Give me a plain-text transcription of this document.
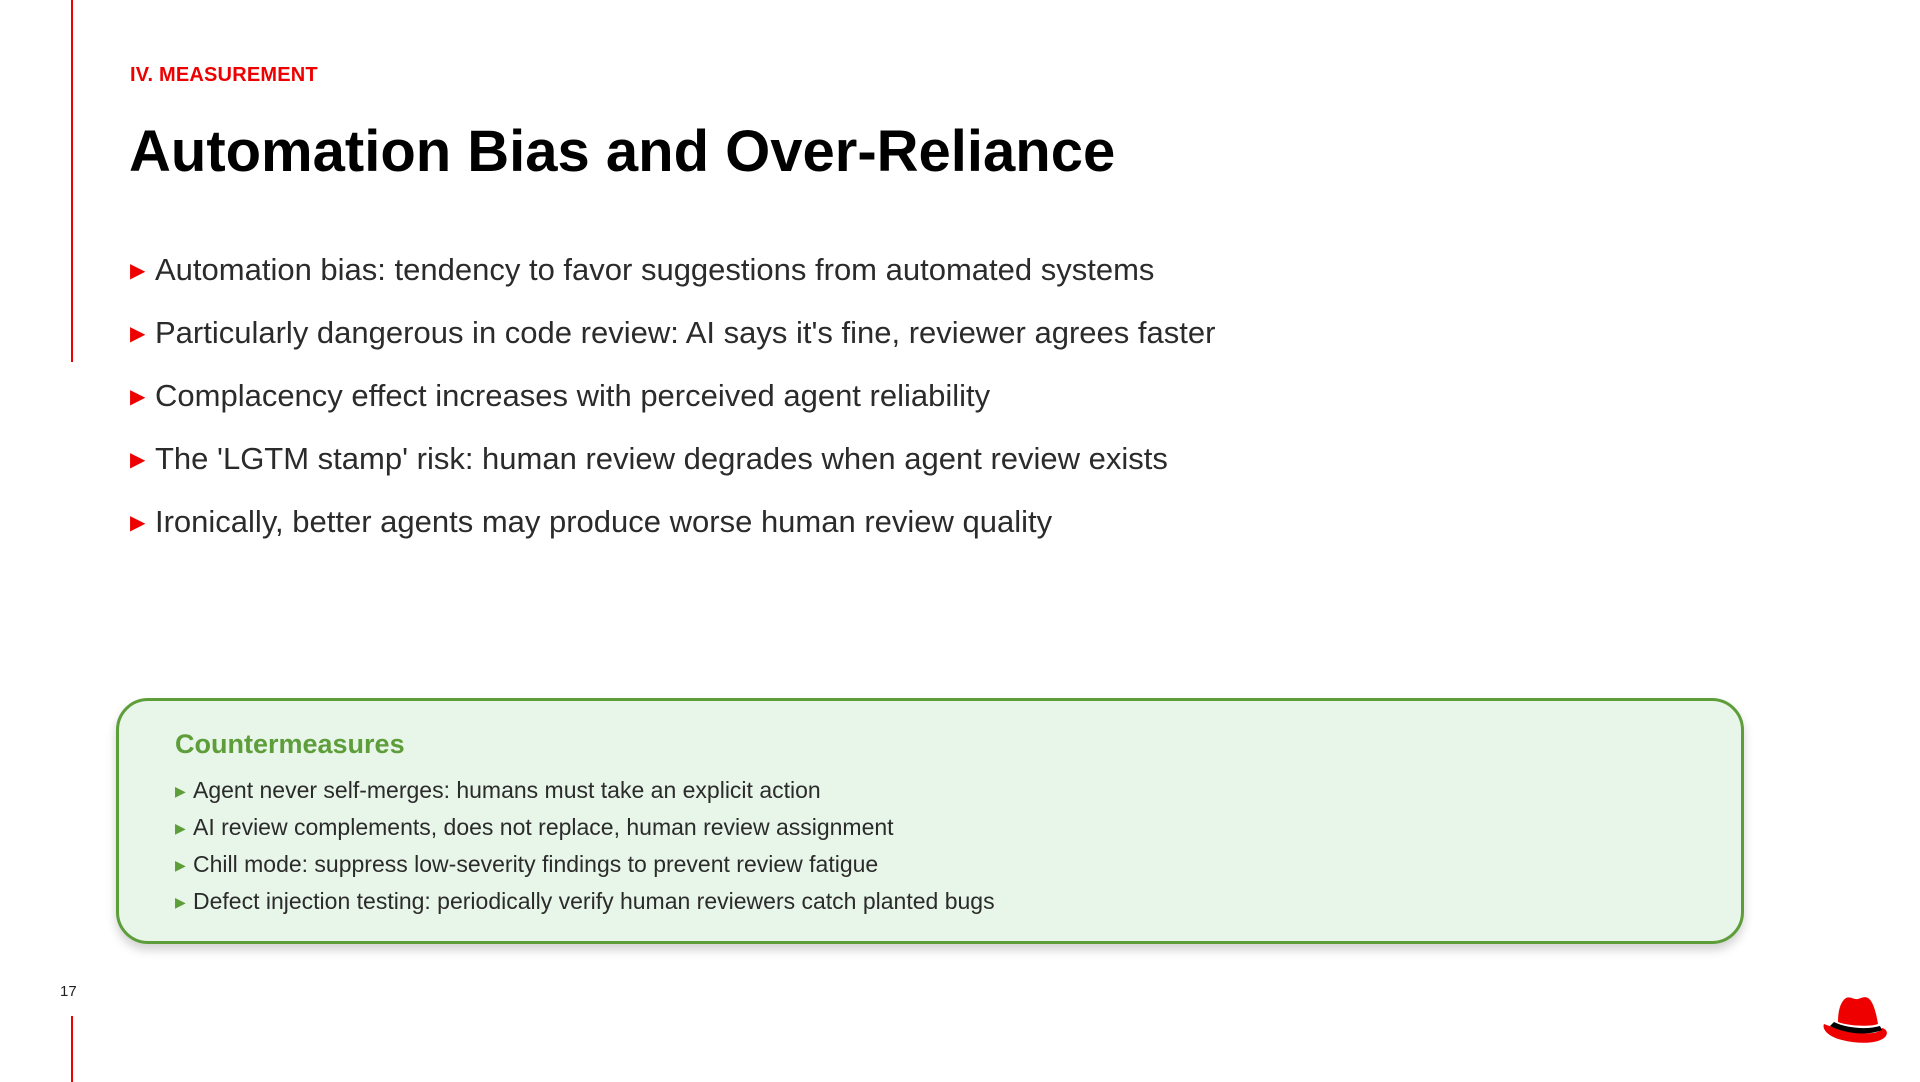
17
IV. MEASUREMENT
Automation Bias and Over-Reliance
▶ Automation bias: tendency to favor suggestions from automated systems
▶ Particularly dangerous in code review: AI says it's fine, reviewer agrees faster
▶ Complacency effect increases with perceived agent reliability
▶ The 'LGTM stamp' risk: human review degrades when agent review exists
▶ Ironically, better agents may produce worse human review quality
Countermeasures
▶ Agent never self-merges: humans must take an explicit action
▶ AI review complements, does not replace, human review assignment
▶ Chill mode: suppress low-severity findings to prevent review fatigue
▶ Defect injection testing: periodically verify human reviewers catch planted bugs
